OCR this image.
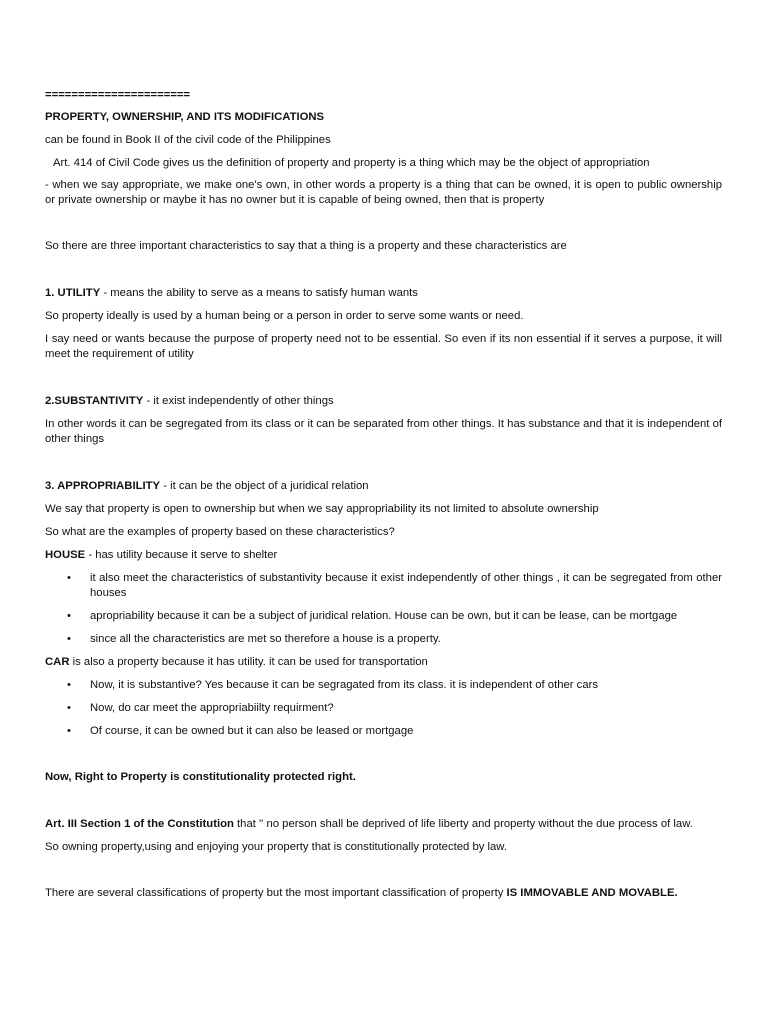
======================

PROPERTY, OWNERSHIP, AND ITS MODIFICATIONS

can be found in Book II of the civil code of the Philippines

Art. 414 of Civil Code gives us the definition of property and property is a thing which may be the object of appropriation

- when we say appropriate, we make one's own, in other words a property is a thing that can be owned, it is open to public ownership or private ownership or maybe it has no owner but it is capable of being owned, then that is property

So there are three important characteristics to say that a thing is a property and these characteristics are

1. UTILITY - means the ability to serve as a means to satisfy human wants

So property ideally is used by a human being or a person in order to serve some wants or need.

I say need or wants because the purpose of property need not to be essential. So even if its non essential if it serves a purpose, it will meet the requirement of utility

2.SUBSTANTIVITY - it exist independently of other things

In other words it can be segregated from its class or it can be separated from other things. It has substance and that it is independent of other things

3. APPROPRIABILITY - it can be the object of a juridical relation

We say that property is open to ownership but when we say appropriability its not limited to absolute ownership

So what are the examples of property based on these characteristics?

HOUSE - has utility because it serve to shelter

• it also meet the characteristics of substantivity because it exist independently of other things , it can be segregated from other houses
• apropriability because it can be a subject of juridical relation. House can be own, but it can be lease, can be mortgage
• since all the characteristics are met so therefore a house is a property.

CAR is also a property because it has utility. it can be used for transportation

• Now, it is substantive? Yes because it can be segragated from its class. it is independent of other cars
• Now, do car meet the appropriabiilty requirment?
• Of course, it can be owned but it can also be leased or mortgage

Now, Right to Property is constitutionality protected right.

Art. III Section 1 of the Constitution that '' no person shall be deprived of life liberty and property without the due process of law.

So owning property,using and enjoying your property that is constitutionally protected by law.

There are several classifications of property but the most important classification of property IS IMMOVABLE AND MOVABLE.
